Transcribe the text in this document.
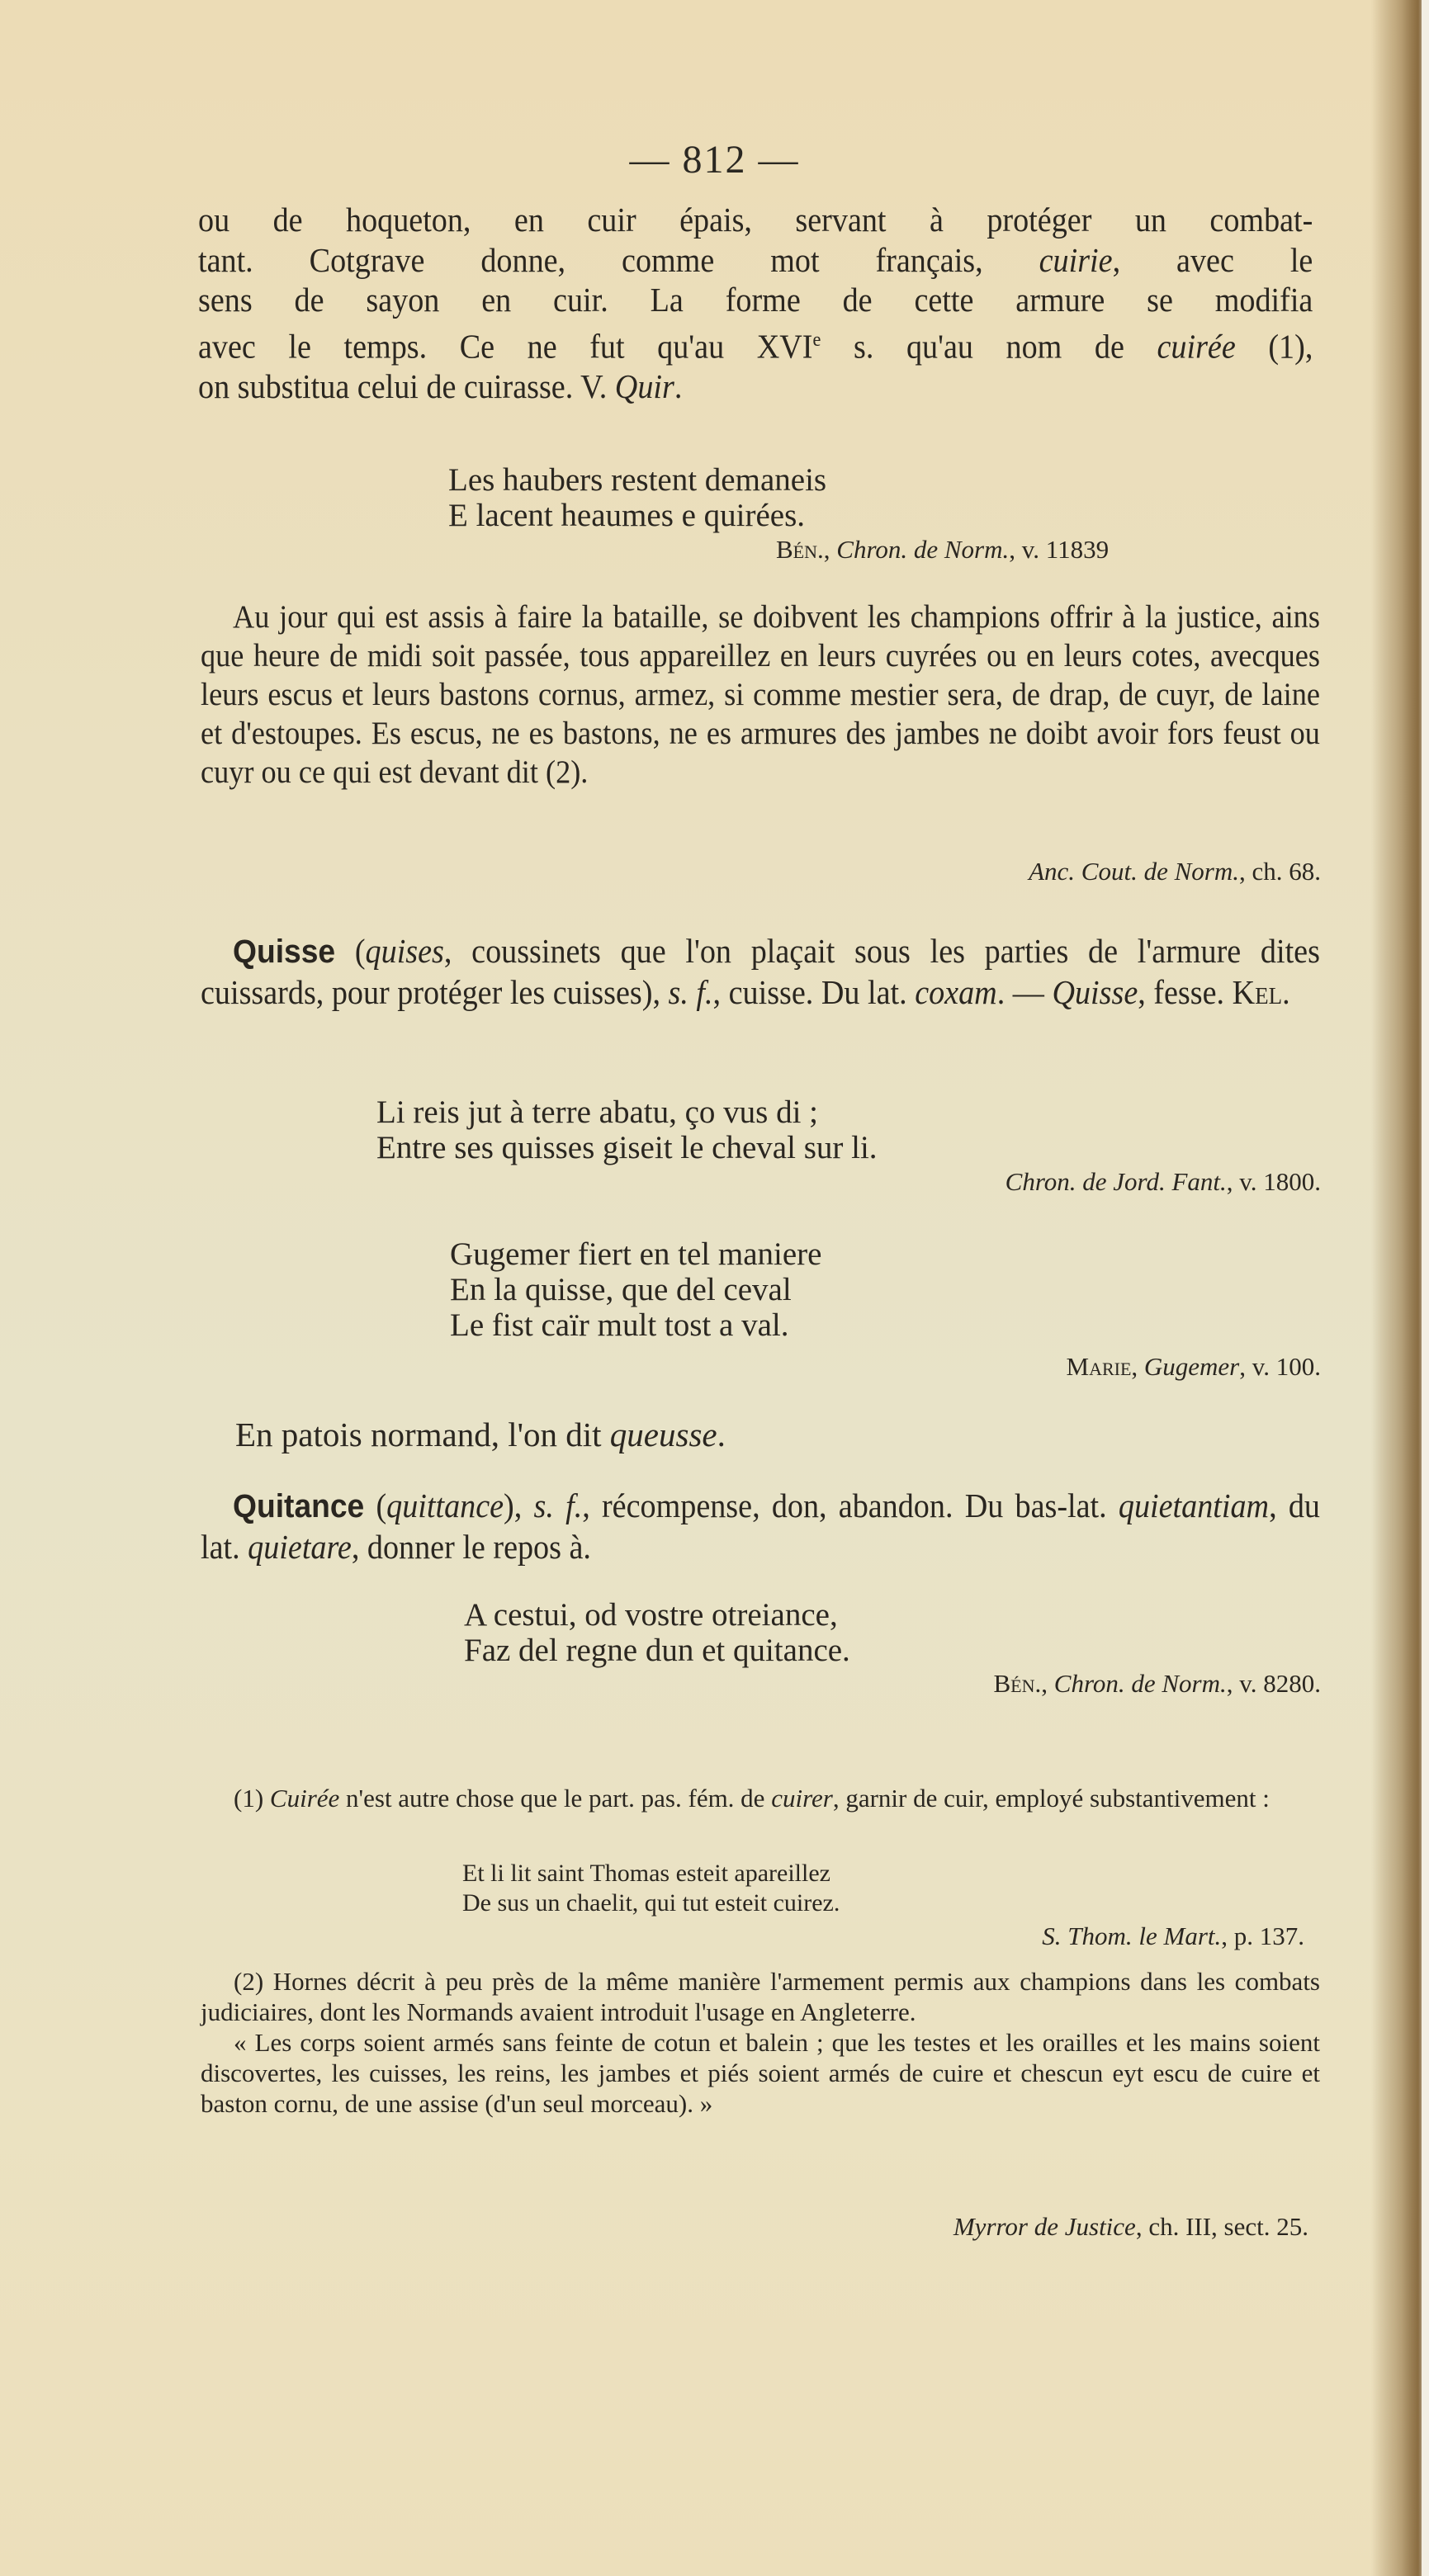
— 812 —

ou de hoqueton, en cuir épais, servant à protéger un combat-

tant. Cotgrave donne, comme mot français, cuirie, avec le

sens de sayon en cuir. La forme de cette armure se modifia

avec le temps. Ce ne fut qu'au XVIe s. qu'au nom de cuirée (1),

on substitua celui de cuirasse. V. Quir.

Les haubers restent demaneis
E lacent heaumes e quirées.

Bén., Chron. de Norm., v. 11839

Au jour qui est assis à faire la bataille, se doibvent les champions offrir à la justice, ains que heure de midi soit passée, tous appareillez en leurs cuyrées ou en leurs cotes, avecques leurs escus et leurs bastons cornus, armez, si comme mestier sera, de drap, de cuyr, de laine et d'estoupes. Es escus, ne es bastons, ne es armures des jambes ne doibt avoir fors feust ou cuyr ou ce qui est devant dit (2).

Anc. Cout. de Norm., ch. 68.

Quisse (quises, coussinets que l'on plaçait sous les parties de l'armure dites cuissards, pour protéger les cuisses), s. f., cuisse. Du lat. coxam. — Quisse, fesse. Kel.

Li reis jut à terre abatu, ço vus di ;
Entre ses quisses giseit le cheval sur li.

Chron. de Jord. Fant., v. 1800.

Gugemer fiert en tel maniere
En la quisse, que del ceval
Le fist caïr mult tost a val.

Marie, Gugemer, v. 100.
En patois normand, l'on dit queusse.

Quitance (quittance), s. f., récompense, don, abandon. Du bas-lat. quietantiam, du lat. quietare, donner le repos à.

A cestui, od vostre otreiance,
Faz del regne dun et quitance.

Bén., Chron. de Norm., v. 8280.

(1) Cuirée n'est autre chose que le part. pas. fém. de cuirer, garnir de cuir, employé substantivement :

Et li lit saint Thomas esteit apareillez
De sus un chaelit, qui tut esteit cuirez.

S. Thom. le Mart., p. 137.

(2) Hornes décrit à peu près de la même manière l'armement permis aux champions dans les combats judiciaires, dont les Normands avaient introduit l'usage en Angleterre.

« Les corps soient armés sans feinte de cotun et balein ; que les testes et les orailles et les mains soient discovertes, les cuisses, les reins, les jambes et piés soient armés de cuire et chescun eyt escu de cuire et baston cornu, de une assise (d'un seul morceau). »

Myrror de Justice, ch. III, sect. 25.
